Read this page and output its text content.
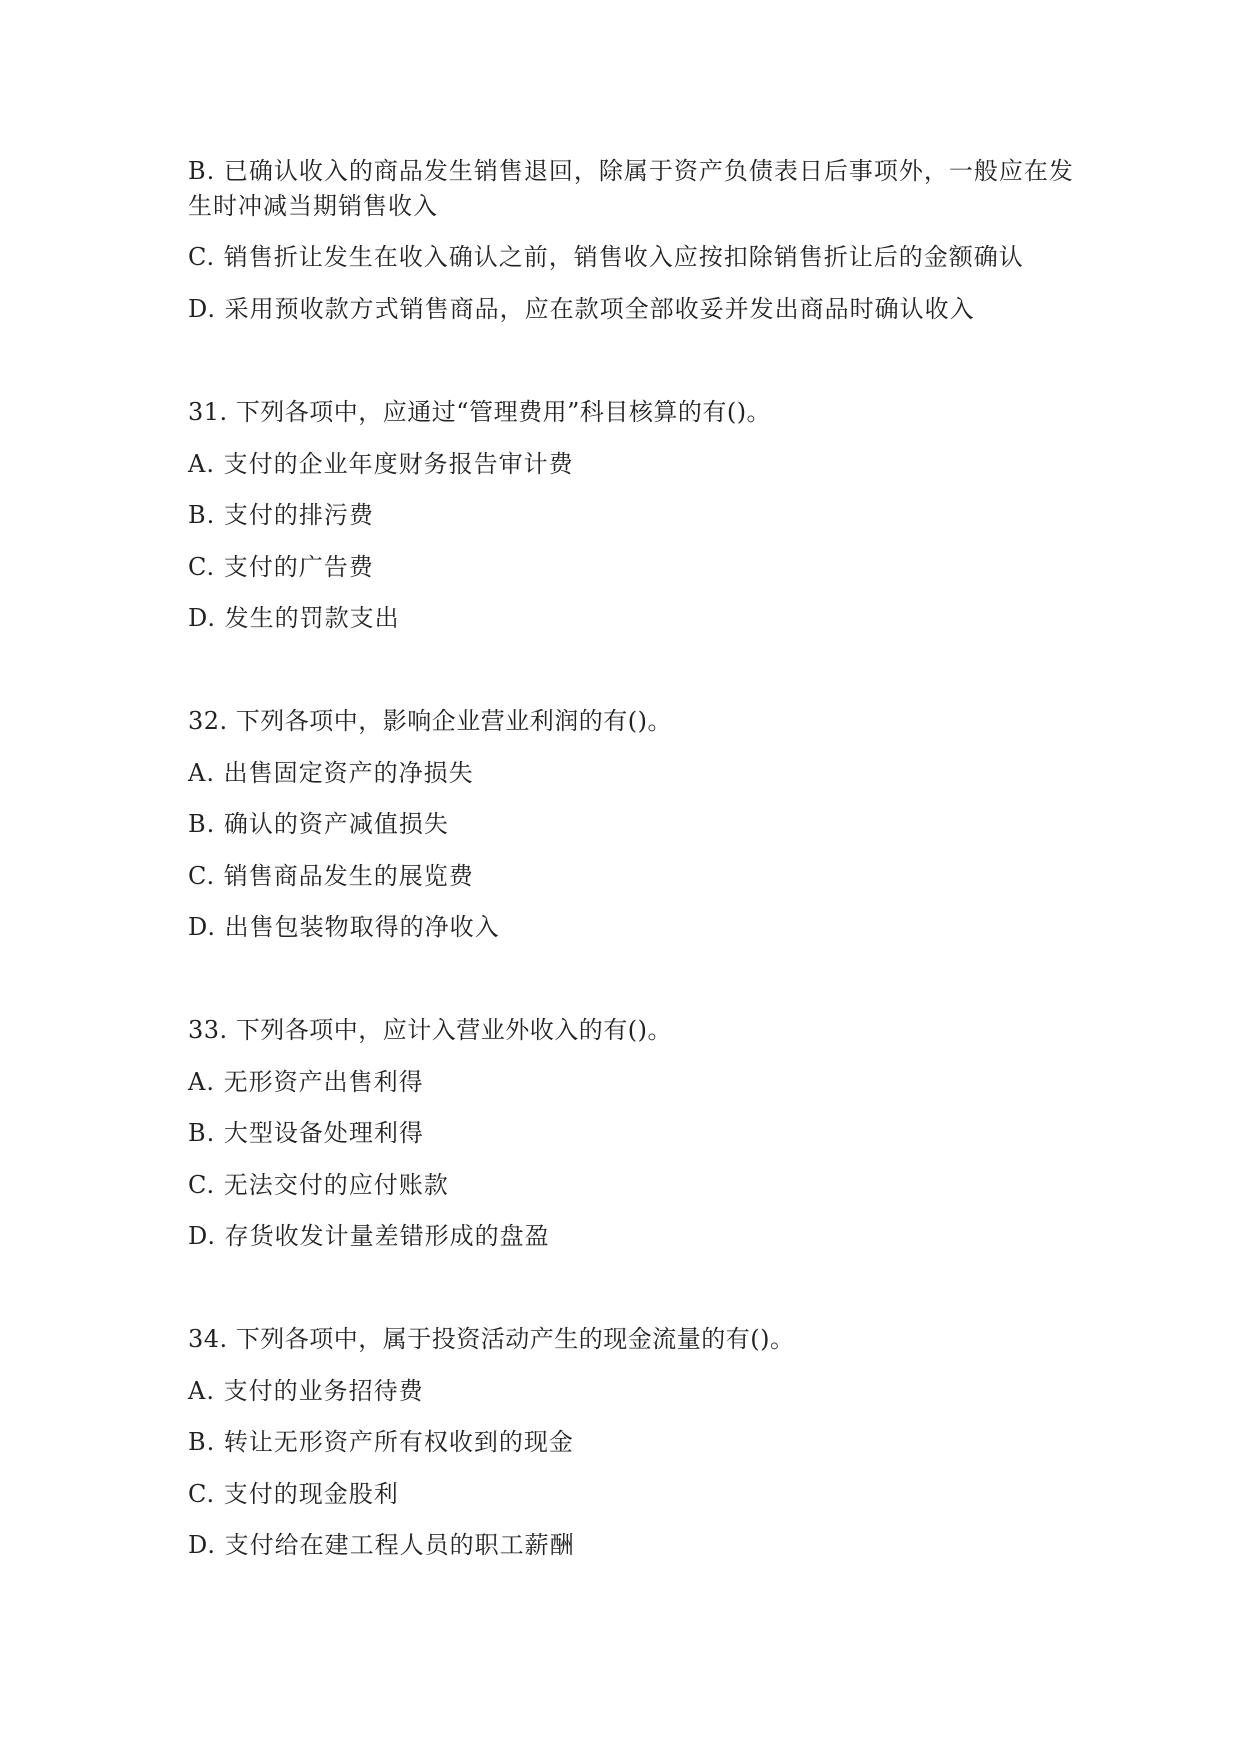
B. 已确认收入的商品发生销售退回，除属于资产负债表日后事项外，一般应在发
生时冲减当期销售收入
C. 销售折让发生在收入确认之前，销售收入应按扣除销售折让后的金额确认
D. 采用预收款方式销售商品，应在款项全部收妥并发出商品时确认收入
31. 下列各项中，应通过“管理费用”科目核算的有()。
A. 支付的企业年度财务报告审计费
B. 支付的排污费
C. 支付的广告费
D. 发生的罚款支出
32. 下列各项中，影响企业营业利润的有()。
A. 出售固定资产的净损失
B. 确认的资产减值损失
C. 销售商品发生的展览费
D. 出售包装物取得的净收入
33. 下列各项中，应计入营业外收入的有()。
A. 无形资产出售利得
B. 大型设备处理利得
C. 无法交付的应付账款
D. 存货收发计量差错形成的盘盈
34. 下列各项中，属于投资活动产生的现金流量的有()。
A. 支付的业务招待费
B. 转让无形资产所有权收到的现金
C. 支付的现金股利
D. 支付给在建工程人员的职工薪酬
